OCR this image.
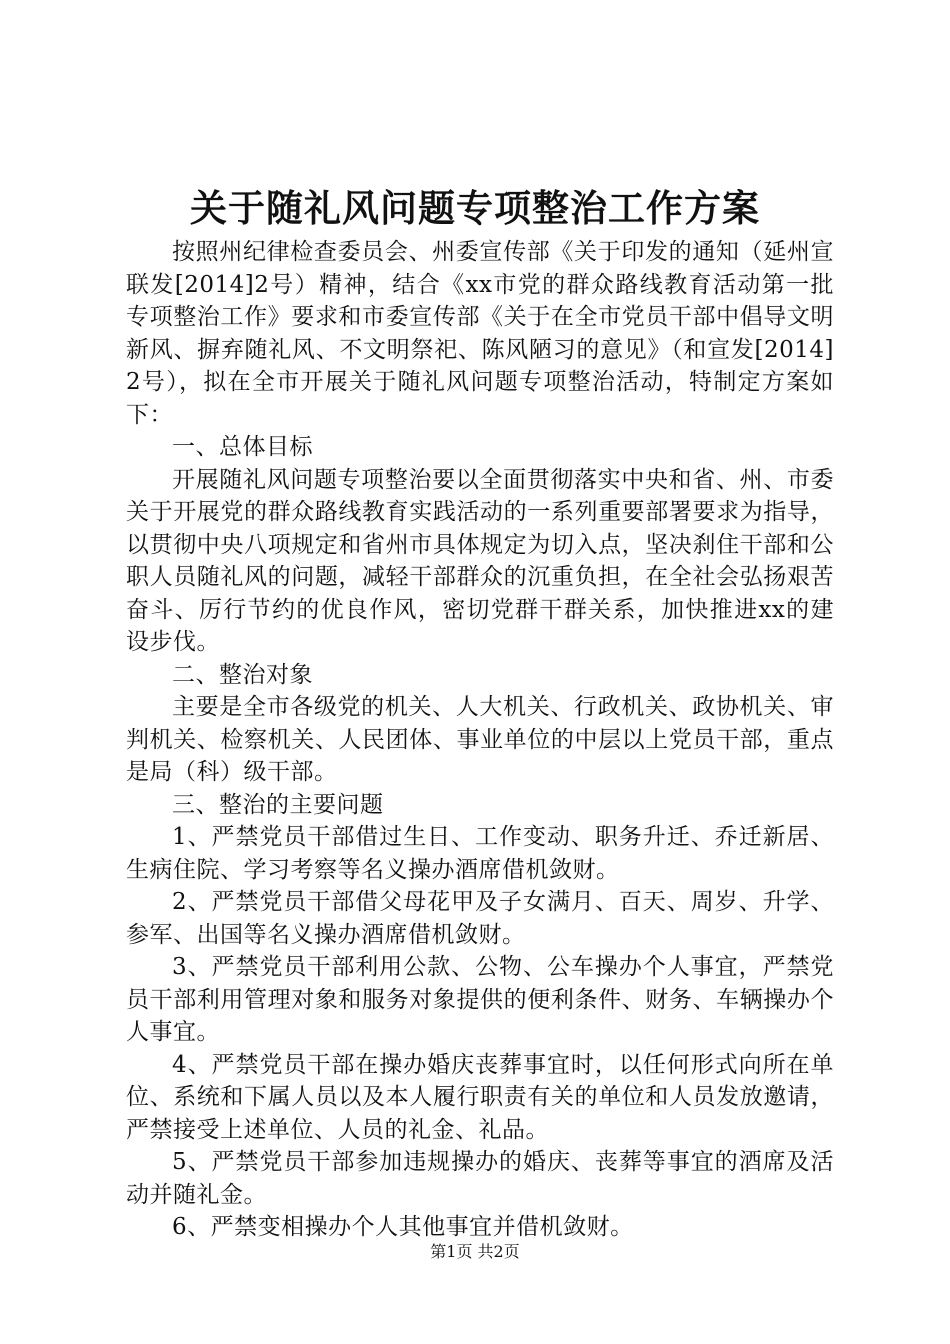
关于随礼风问题专项整治工作方案

按照州纪律检查委员会、州委宣传部《关于印发的通知（延州宣联发[2014]2号）精神，结合《xx市党的群众路线教育活动第一批专项整治工作》要求和市委宣传部《关于在全市党员干部中倡导文明新风、摒弃随礼风、不文明祭祀、陈风陋习的意见》（和宣发[2014]2号），拟在全市开展关于随礼风问题专项整治活动，特制定方案如下：

一、总体目标

开展随礼风问题专项整治要以全面贯彻落实中央和省、州、市委关于开展党的群众路线教育实践活动的一系列重要部署要求为指导，以贯彻中央八项规定和省州市具体规定为切入点，坚决刹住干部和公职人员随礼风的问题，减轻干部群众的沉重负担，在全社会弘扬艰苦奋斗、厉行节约的优良作风，密切党群干群关系，加快推进xx的建设步伐。

二、整治对象

主要是全市各级党的机关、人大机关、行政机关、政协机关、审判机关、检察机关、人民团体、事业单位的中层以上党员干部，重点是局（科）级干部。

三、整治的主要问题

1、严禁党员干部借过生日、工作变动、职务升迁、乔迁新居、生病住院、学习考察等名义操办酒席借机敛财。

2、严禁党员干部借父母花甲及子女满月、百天、周岁、升学、参军、出国等名义操办酒席借机敛财。

3、严禁党员干部利用公款、公物、公车操办个人事宜，严禁党员干部利用管理对象和服务对象提供的便利条件、财务、车辆操办个人事宜。

4、严禁党员干部在操办婚庆丧葬事宜时，以任何形式向所在单位、系统和下属人员以及本人履行职责有关的单位和人员发放邀请，严禁接受上述单位、人员的礼金、礼品。

5、严禁党员干部参加违规操办的婚庆、丧葬等事宜的酒席及活动并随礼金。

6、严禁变相操办个人其他事宜并借机敛财。

第1页 共2页
